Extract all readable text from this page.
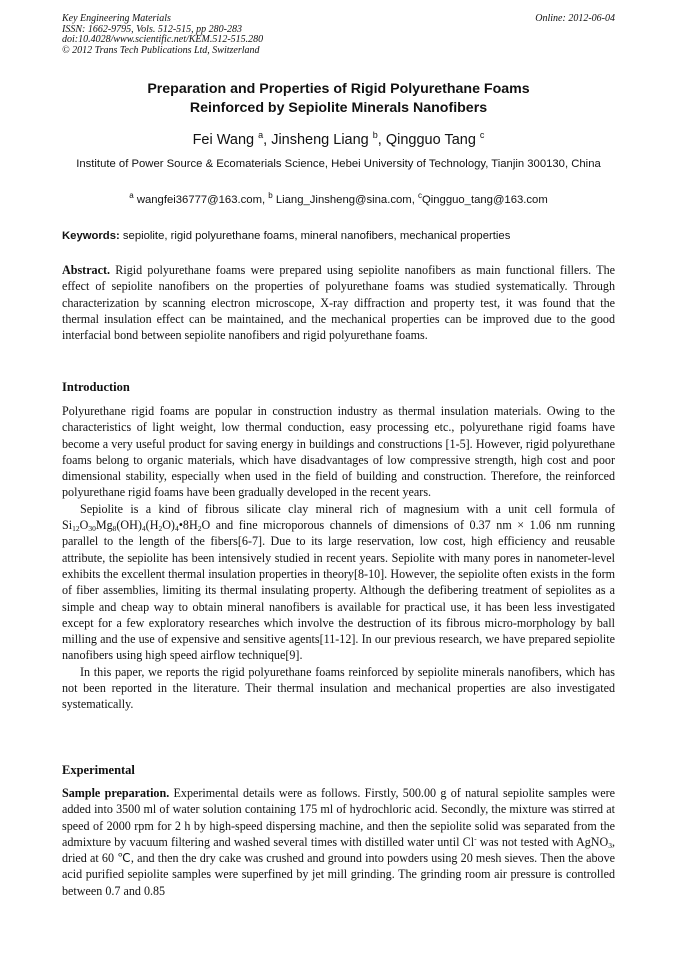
Key Engineering Materials
ISSN: 1662-9795, Vols. 512-515, pp 280-283
doi:10.4028/www.scientific.net/KEM.512-515.280
© 2012 Trans Tech Publications Ltd, Switzerland
Online: 2012-06-04
Preparation and Properties of Rigid Polyurethane Foams
Reinforced by Sepiolite Minerals Nanofibers
Fei Wang $^a$, Jinsheng Liang $^b$, Qingguo Tang $^c$
Institute of Power Source & Ecomaterials Science, Hebei University of Technology, Tianjin 300130, China
$^a$ wangfei36777@163.com, $^b$ Liang_Jinsheng@sina.com, $^c$Qingguo_tang@163.com
Keywords: sepiolite, rigid polyurethane foams, mineral nanofibers, mechanical properties

Abstract. Rigid polyurethane foams were prepared using sepiolite nanofibers as main functional fillers. The effect of sepiolite nanofibers on the properties of polyurethane foams was studied systematically. Through characterization by scanning electron microscope, X-ray diffraction and property test, it was found that the thermal insulation effect can be maintained, and the mechanical properties can be improved due to the good interfacial bond between sepiolite nanofibers and rigid polyurethane foams.

Introduction

Polyurethane rigid foams are popular in construction industry as thermal insulation materials. Owing to the characteristics of light weight, low thermal conduction, easy processing etc., polyurethane rigid foams have become a very useful product for saving energy in buildings and constructions [1-5]. However, rigid polyurethane foams belong to organic materials, which have disadvantages of low compressive strength, high cost and poor dimensional stability, especially when used in the field of building and construction. Therefore, the reinforced polyurethane rigid foams have been gradually developed in the recent years.

Sepiolite is a kind of fibrous silicate clay mineral rich of magnesium with a unit cell formula of $Si_{12}O_{30}Mg_8(OH)_4(H_2O)_4•8H_2O$ and fine microporous channels of dimensions of 0.37 nm × 1.06 nm running parallel to the length of the fibers[6-7]. Due to its large reservation, low cost, high efficiency and reusable attribute, the sepiolite has been intensively studied in recent years. Sepiolite with many pores in nanometer-level exhibits the excellent thermal insulation properties in theory[8-10]. However, the sepiolite often exists in the form of fiber assemblies, limiting its thermal insulating property. Although the defibering treatment of sepiolites as a simple and cheap way to obtain mineral nanofibers is available for practical use, it has been less investigated except for a few exploratory researches which involve the destruction of its fibrous micro-morphology by ball milling and the use of expensive and sensitive agents[11-12]. In our previous research, we have prepared sepiolite nanofibers using high speed airflow technique[9].

In this paper, we reports the rigid polyurethane foams reinforced by sepiolite minerals nanofibers, which has not been reported in the literature. Their thermal insulation and mechanical properties are also investigated systematically.

Experimental

Sample preparation. Experimental details were as follows. Firstly, 500.00 g of natural sepiolite samples were added into 3500 ml of water solution containing 175 ml of hydrochloric acid. Secondly, the mixture was stirred at speed of 2000 rpm for 2 h by high-speed dispersing machine, and then the sepiolite solid was separated from the admixture by vacuum filtering and washed several times with distilled water until Cl- was not tested with AgNO$_3$, dried at 60 ℃, and then the dry cake was crushed and ground into powders using 20 mesh sieves. Then the above acid purified sepiolite samples were superfined by jet mill grinding. The grinding room air pressure is controlled between 0.7 and 0.85
